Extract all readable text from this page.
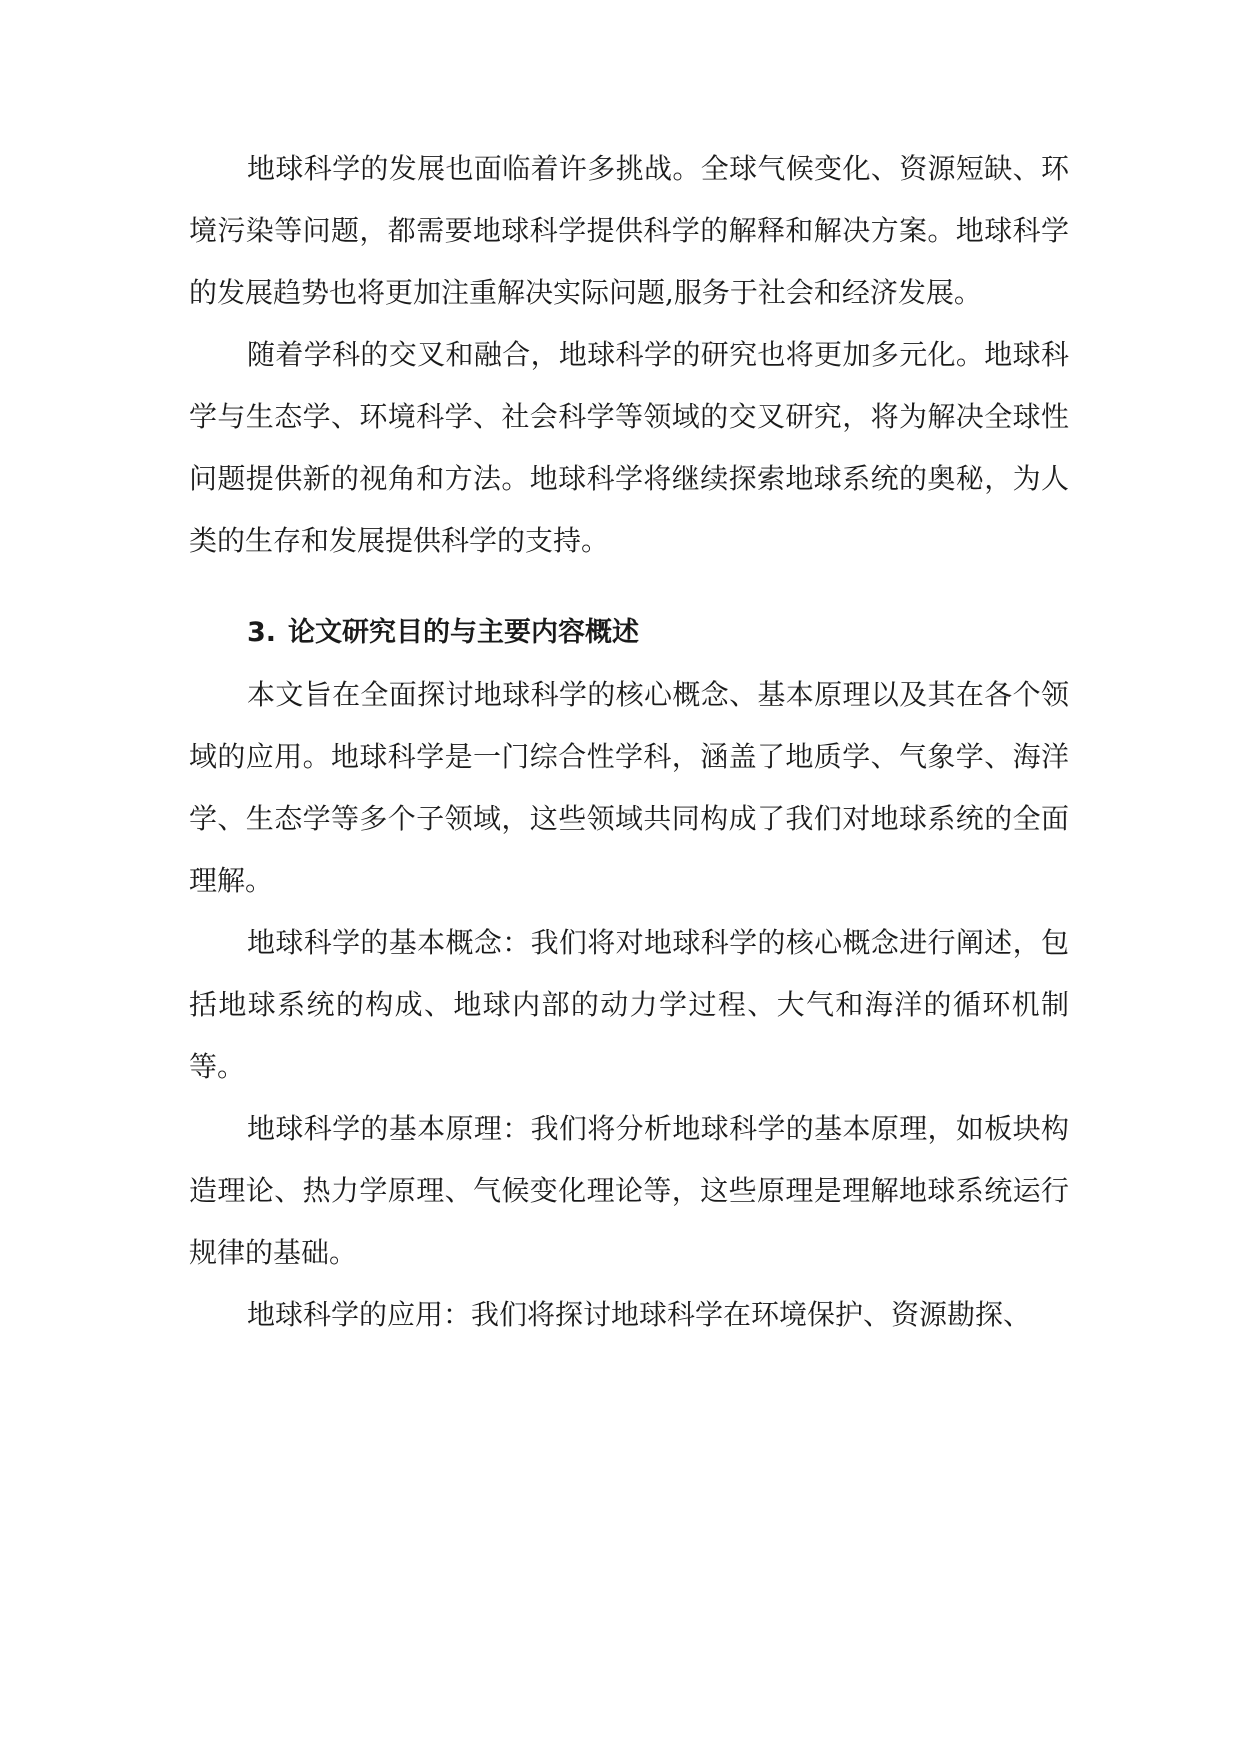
地球科学的发展也面临着许多挑战。全球气候变化、资源短缺、环境污染等问题，都需要地球科学提供科学的解释和解决方案。地球科学的发展趋势也将更加注重解决实际问题,服务于社会和经济发展。

随着学科的交叉和融合，地球科学的研究也将更加多元化。地球科学与生态学、环境科学、社会科学等领域的交叉研究，将为解决全球性问题提供新的视角和方法。地球科学将继续探索地球系统的奥秘，为人类的生存和发展提供科学的支持。

3. 论文研究目的与主要内容概述

本文旨在全面探讨地球科学的核心概念、基本原理以及其在各个领域的应用。地球科学是一门综合性学科，涵盖了地质学、气象学、海洋学、生态学等多个子领域，这些领域共同构成了我们对地球系统的全面理解。

地球科学的基本概念：我们将对地球科学的核心概念进行阐述，包括地球系统的构成、地球内部的动力学过程、大气和海洋的循环机制等。

地球科学的基本原理：我们将分析地球科学的基本原理，如板块构造理论、热力学原理、气候变化理论等，这些原理是理解地球系统运行规律的基础。

地球科学的应用：我们将探讨地球科学在环境保护、资源勘探、
